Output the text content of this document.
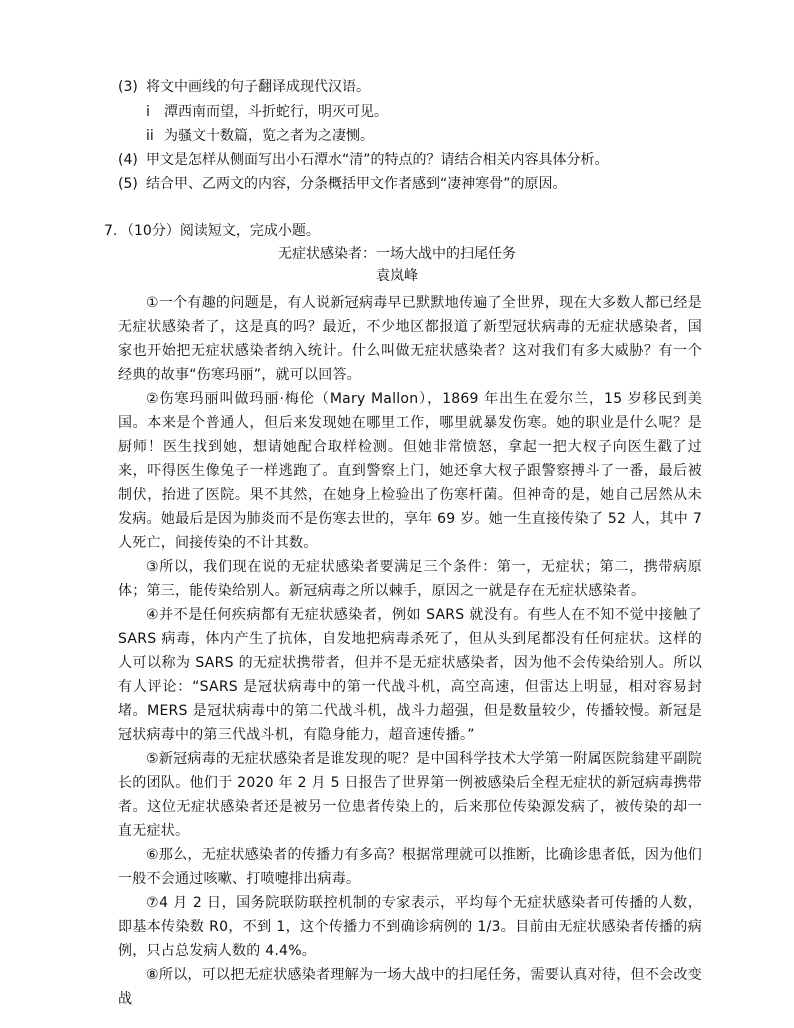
(3) 将文中画线的句子翻译成现代汉语。
i 潭西南而望，斗折蛇行，明灭可见。
ii 为骚文十数篇，览之者为之凄恻。
(4) 甲文是怎样从侧面写出小石潭水“清”的特点的？请结合相关内容具体分析。
(5) 结合甲、乙两文的内容，分条概括甲文作者感到“凄神寒骨”的原因。
7. （10分）阅读短文，完成小题。
无症状感染者：一场大战中的扫尾任务
袁岚峰

①一个有趣的问题是，有人说新冠病毒早已默默地传遍了全世界，现在大多数人都已经是无症状感染者了，这是真的吗？最近，不少地区都报道了新型冠状病毒的无症状感染者，国家也开始把无症状感染者纳入统计。什么叫做无症状感染者？这对我们有多大威胁？有一个经典的故事“伤寒玛丽”，就可以回答。

②伤寒玛丽叫做玛丽·梅伦（Mary Mallon），1869 年出生在爱尔兰，15 岁移民到美国。本来是个普通人，但后来发现她在哪里工作，哪里就暴发伤寒。她的职业是什么呢？是厨师！医生找到她，想请她配合取样检测。但她非常愤怒，拿起一把大杈子向医生戳了过来，吓得医生像兔子一样逃跑了。直到警察上门，她还拿大杈子跟警察搏斗了一番，最后被制伏，抬进了医院。果不其然，在她身上检验出了伤寒杆菌。但神奇的是，她自己居然从未发病。她最后是因为肺炎而不是伤寒去世的，享年 69 岁。她一生直接传染了 52 人，其中 7 人死亡，间接传染的不计其数。

③所以，我们现在说的无症状感染者要满足三个条件：第一，无症状；第二，携带病原体；第三，能传染给别人。新冠病毒之所以棘手，原因之一就是存在无症状感染者。

④并不是任何疾病都有无症状感染者，例如 SARS 就没有。有些人在不知不觉中接触了 SARS 病毒，体内产生了抗体，自发地把病毒杀死了，但从头到尾都没有任何症状。这样的人可以称为 SARS 的无症状携带者，但并不是无症状感染者，因为他不会传染给别人。所以有人评论：“SARS 是冠状病毒中的第一代战斗机，高空高速，但雷达上明显，相对容易封堵。MERS 是冠状病毒中的第二代战斗机，战斗力超强，但是数量较少，传播较慢。新冠是冠状病毒中的第三代战斗机，有隐身能力，超音速传播。”

⑤新冠病毒的无症状感染者是谁发现的呢？是中国科学技术大学第一附属医院翁建平副院长的团队。他们于 2020 年 2 月 5 日报告了世界第一例被感染后全程无症状的新冠病毒携带者。这位无症状感染者还是被另一位患者传染上的，后来那位传染源发病了，被传染的却一直无症状。

⑥那么，无症状感染者的传播力有多高？根据常理就可以推断，比确诊患者低，因为他们一般不会通过咳嗽、打喷嚏排出病毒。

⑦4 月 2 日，国务院联防联控机制的专家表示，平均每个无症状感染者可传播的人数，即基本传染数 R0，不到 1，这个传播力不到确诊病例的 1/3。目前由无症状感染者传播的病例，只占总发病人数的 4.4%。

⑧所以，可以把无症状感染者理解为一场大战中的扫尾任务，需要认真对待，但不会改变战
